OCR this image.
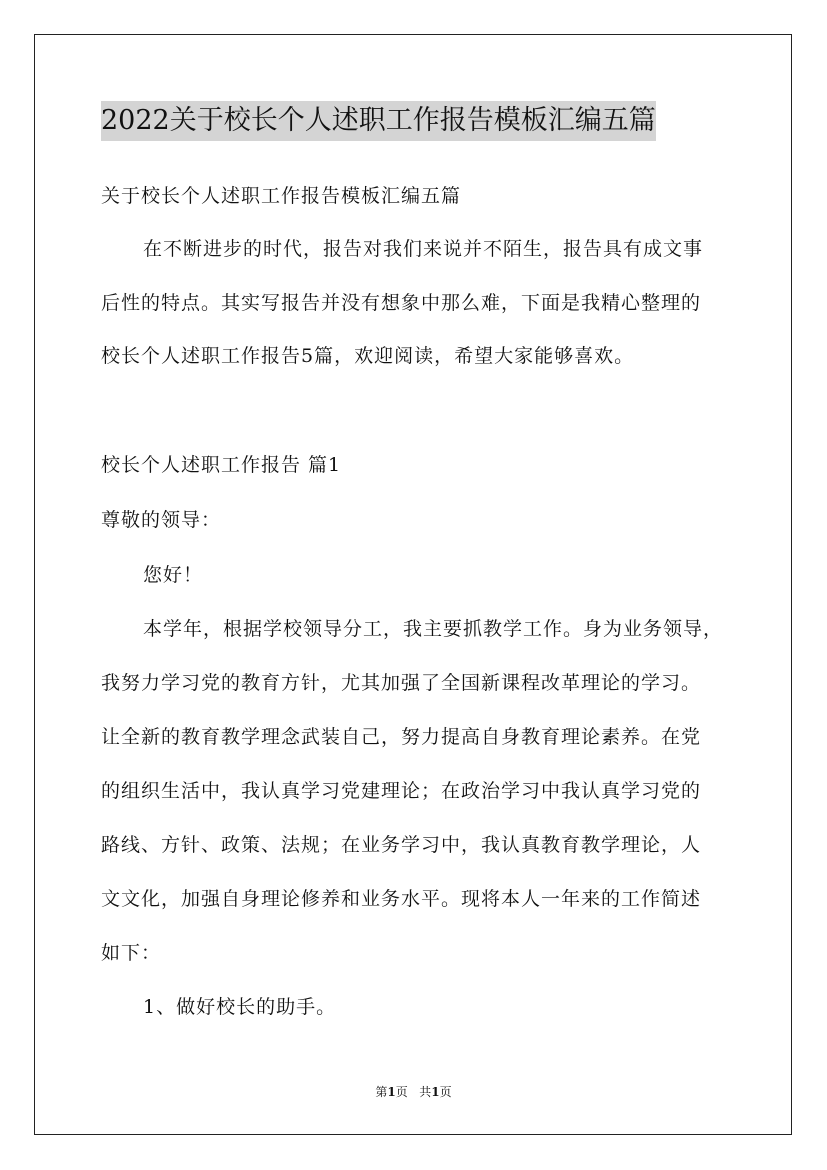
2022关于校长个人述职工作报告模板汇编五篇
关于校长个人述职工作报告模板汇编五篇
在不断进步的时代，报告对我们来说并不陌生，报告具有成文事
后性的特点。其实写报告并没有想象中那么难，下面是我精心整理的
校长个人述职工作报告5篇，欢迎阅读，希望大家能够喜欢。
校长个人述职工作报告 篇1
尊敬的领导：
您好！
本学年，根据学校领导分工，我主要抓教学工作。身为业务领导，
我努力学习党的教育方针，尤其加强了全国新课程改革理论的学习。
让全新的教育教学理念武装自己，努力提高自身教育理论素养。在党
的组织生活中，我认真学习党建理论；在政治学习中我认真学习党的
路线、方针、政策、法规；在业务学习中，我认真教育教学理论，人
文文化，加强自身理论修养和业务水平。现将本人一年来的工作简述
如下：
1、做好校长的助手。
第1页 共1页
